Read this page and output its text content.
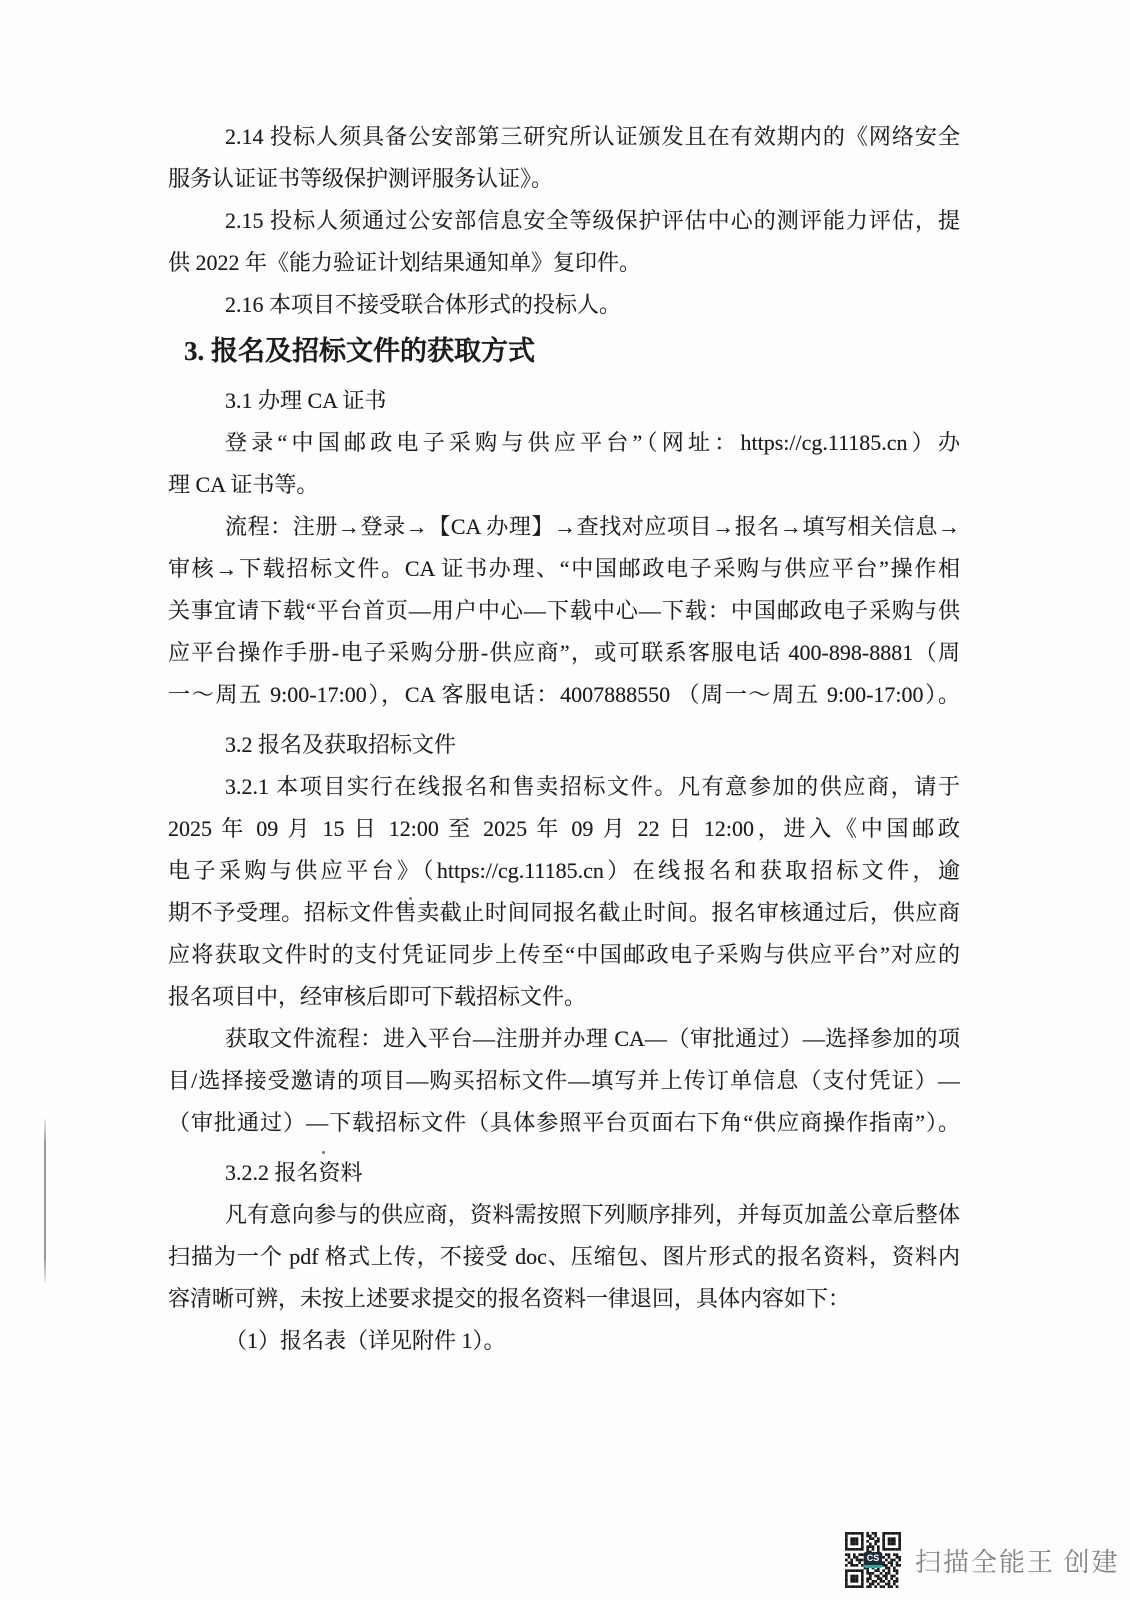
2.14 投标人须具备公安部第三研究所认证颁发且在有效期内的《网络安全
服务认证证书等级保护测评服务认证》。
2.15 投标人须通过公安部信息安全等级保护评估中心的测评能力评估，提
供 2022 年《能力验证计划结果通知单》复印件。
2.16 本项目不接受联合体形式的投标人。
3. 报名及招标文件的获取方式
3.1 办理 CA 证书
登录“中国邮政电子采购与供应平台”（网址：https://cg.11185.cn）办
理 CA 证书等。
流程：注册→登录→【CA 办理】→查找对应项目→报名→填写相关信息→
审核→下载招标文件。CA 证书办理、“中国邮政电子采购与供应平台”操作相
关事宜请下载“平台首页—用户中心—下载中心—下载：中国邮政电子采购与供
应平台操作手册-电子采购分册-供应商”，或可联系客服电话 400-898-8881（周
一～周五 9:00-17:00），CA 客服电话：4007888550 （周一～周五 9:00-17:00）。
3.2 报名及获取招标文件
3.2.1 本项目实行在线报名和售卖招标文件。凡有意参加的供应商，请于
2025 年 09 月 15 日 12:00 至 2025 年 09 月 22 日 12:00，进入《中国邮政
电子采购与供应平台》（https://cg.11185.cn）在线报名和获取招标文件，逾
期不予受理。招标文件售卖截止时间同报名截止时间。报名审核通过后，供应商
应将获取文件时的支付凭证同步上传至“中国邮政电子采购与供应平台”对应的
报名项目中，经审核后即可下载招标文件。
获取文件流程：进入平台—注册并办理 CA—（审批通过）—选择参加的项
目/选择接受邀请的项目—购买招标文件—填写并上传订单信息（支付凭证）—
（审批通过）—下载招标文件（具体参照平台页面右下角“供应商操作指南”）。
3.2.2 报名资料
凡有意向参与的供应商，资料需按照下列顺序排列，并每页加盖公章后整体
扫描为一个 pdf 格式上传，不接受 doc、压缩包、图片形式的报名资料，资料内
容清晰可辨，未按上述要求提交的报名资料一律退回，具体内容如下：
（1）报名表（详见附件 1）。
CS 扫描全能王 创建
